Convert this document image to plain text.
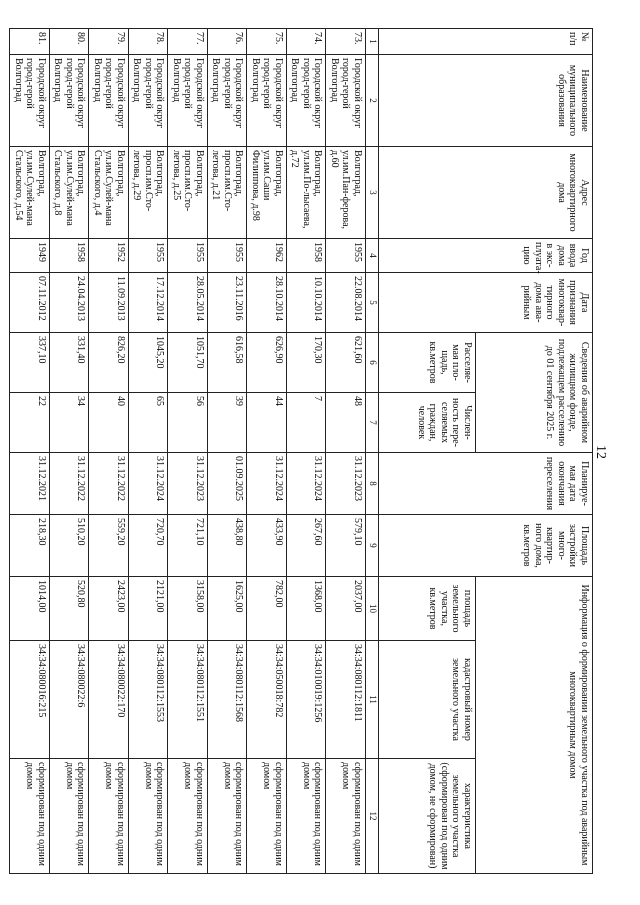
12
№ п/п	Наименование муниципального образования	Адрес многоквартирного дома	Год ввода дома в экс-плуата-цию	Дата признания многоквар-тирного дома ава-рийным	Сведения об аварийном жилищном фонде, подлежащем расселению до 01 сентября 2025 г.		Планируе-мая дата окончания переселения	Площадь застройки много-квартир-ного дома, кв.метров	Информация о формировании земельного участка под аварийным многоквартирным домом		
					Расселяе-мая пло-щадь, кв.метров	Числен-ность пере-селяемых граждан, человек			площадь земельного участка, кв.метров	кадастровый номер земельного участка	характеристика земельного участка (сформирован под одним домом, не сформирован)
1	2	3	4	5	6	7	8	9	10	11	12
73.	Городской округ город-герой Волгоград	Волгоград, ул.им.Пан-ферова, д.60	1955	22.08.2014	621,60	48	31.12.2023	579,10	2037,00	34:34:080112:1811	сформирован под одним домом
74.	Городской округ город-герой Волгоград	Волгоград, ул.им.По-лысаева, д.72	1958	10.10.2014	170,30	7	31.12.2024	267,60	1368,00	34:34:010019:1256	сформирован под одним домом
75.	Городской округ город-герой Волгоград	Волгоград, ул.им.Саши Филиппова, д.98	1962	28.10.2014	626,90	44	31.12.2024	433,90	782,00	34:34:050018:782	сформирован под одним домом
76.	Городской округ город-герой Волгоград	Волгоград, просп.им.Сто-летова, д.21	1955	23.11.2016	616,58	39	01.09.2025	438,80	1625,00	34:34:080112:1568	сформирован под одним домом
77.	Городской округ город-герой Волгоград	Волгоград, просп.им.Сто-летова, д.25	1955	28.05.2014	1051,70	56	31.12.2023	721,10	3158,00	34:34:080112:1551	сформирован под одним домом
78.	Городской округ город-герой Волгоград	Волгоград, просп.им.Сто-летова, д.29	1955	17.12.2014	1045,20	65	31.12.2024	720,70	2121,00	34:34:080112:1553	сформирован под одним домом
79.	Городской округ город-герой Волгоград	Волгоград, ул.им.Сулей-мана Стальского, д.4	1952	11.09.2013	826,20	40	31.12.2022	559,20	2423,00	34:34:080022:170	сформирован под одним домом
80.	Городской округ город-герой Волгоград	Волгоград, ул.им.Сулей-мана Стальского, д.8	1958	24.04.2013	331,40	34	31.12.2022	510,20	520,80	34:34:080022:6	сформирован под одним домом
81.	Городской округ город-герой Волгоград	Волгоград, ул.им.Сулей-мана Стальского, д.54	1949	07.11.2012	337,10	22	31.12.2021	218,30	1014,00	34:34:080016:215	сформирован под одним домом
